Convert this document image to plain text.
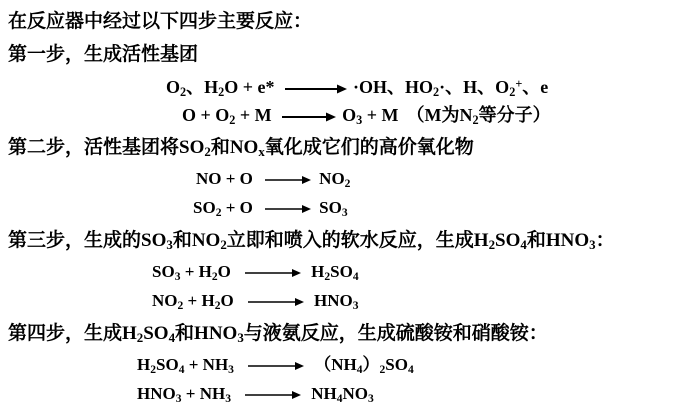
在反应器中经过以下四步主要反应：
第一步，生成活性基团
$O_2$、$H_2O + e* \to \cdot OH$、$HO_2\cdot$、H、$O_2^+$、e
$O + O_2 + M \to O_3 + M$ （M为$N_2$等分子）
第二步，活性基团将$SO_2$和$NO_x$氧化成它们的高价氧化物
NO + $O \to NO_2$
$SO_2 + O \to SO_3$
第三步，生成的$SO_3$和$NO_2$立即和喷入的软水反应，生成$H_2SO_4$和$HNO_3$：
$SO_3 + H_2O \to H_2SO_4$
$NO_2 + H_2O \to HNO_3$
第四步，生成$H_2SO_4$和$HNO_3$与液氨反应，生成硫酸铵和硝酸铵：
$H_2SO_4 + NH_3 \to (NH_4)_2SO_4$
$HNO_3 + NH_3 \to NH_4NO_3$
